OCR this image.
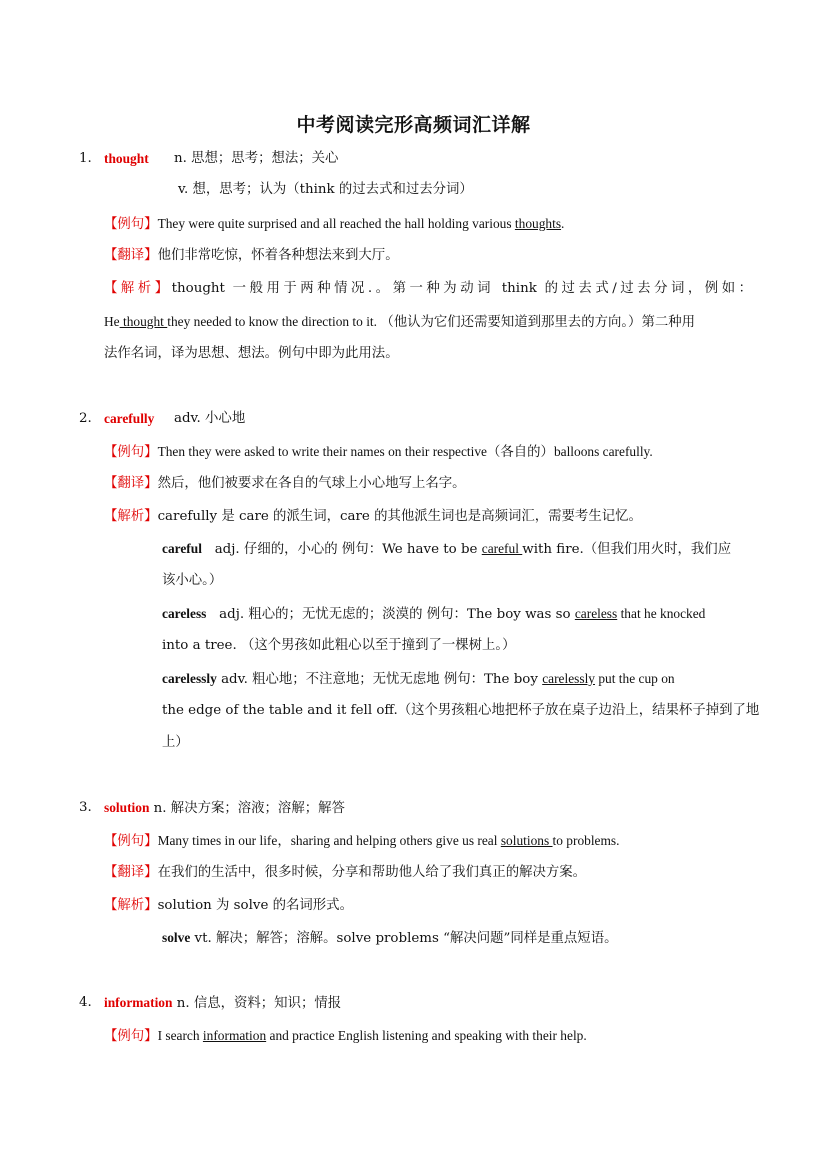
中考阅读完形高频词汇详解
1. thought n. 思想；思考；想法；关心
v. 想，思考；认为（think 的过去式和过去分词）
【例句】They were quite surprised and all reached the hall holding various thoughts.
【翻译】他们非常吃惊，怀着各种想法来到大厅。
【解析】thought 一般用于两种情况.。第一种为动词 think 的过去式/过去分词，例如：
He thought they needed to know the direction to it. （他认为它们还需要知道到那里去的方向。）第二种用
法作名词，译为思想、想法。例句中即为此用法。
2. carefully adv. 小心地
【例句】Then they were asked to write their names on their respective（各自的）balloons carefully.
【翻译】然后，他们被要求在各自的气球上小心地写上名字。
【解析】carefully 是 care 的派生词，care 的其他派生词也是高频词汇，需要考生记忆。
careful adj. 仔细的，小心的 例句：We have to be careful with fire.（但我们用火时，我们应
该小心。）
careless adj. 粗心的；无忧无虑的；淡漠的 例句：The boy was so careless that he knocked
into a tree. （这个男孩如此粗心以至于撞到了一棵树上。）
carelessly adv. 粗心地；不注意地；无忧无虑地 例句：The boy carelessly put the cup on
the edge of the table and it fell off.（这个男孩粗心地把杯子放在桌子边沿上，结果杯子掉到了地
上）
3. solution n. 解决方案；溶液；溶解；解答
【例句】Many times in our life，sharing and helping others give us real solutions to problems.
【翻译】在我们的生活中，很多时候，分享和帮助他人给了我们真正的解决方案。
【解析】solution 为 solve 的名词形式。
solve vt. 解决；解答；溶解。solve problems “解决问题”同样是重点短语。
4. information n. 信息，资料；知识；情报
【例句】I search information and practice English listening and speaking with their help.
